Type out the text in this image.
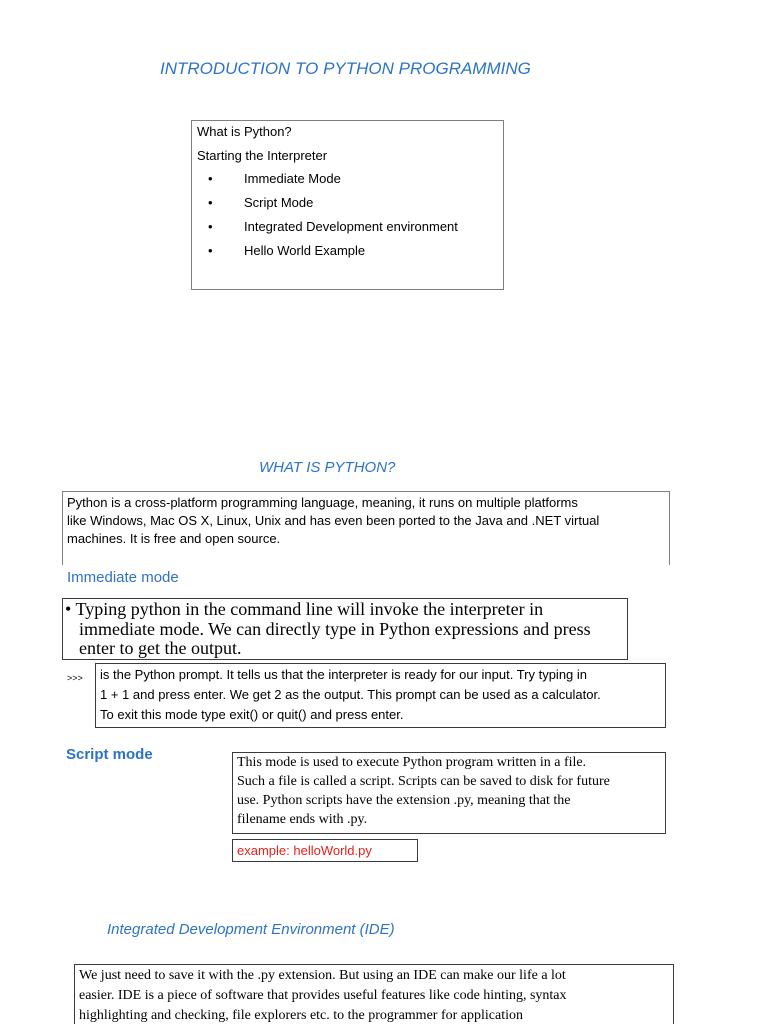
INTRODUCTION TO PYTHON PROGRAMMING
What is Python?
Starting the Interpreter
• Immediate Mode
• Script Mode
• Integrated Development environment
• Hello World Example
WHAT IS PYTHON?
Python is a cross-platform programming language, meaning, it runs on multiple platforms
like Windows, Mac OS X, Linux, Unix and has even been ported to the Java and .NET virtual
machines. It is free and open source.
Immediate mode
• Typing python in the command line will invoke the interpreter in
immediate mode. We can directly type in Python expressions and press
enter to get the output.
>>> is the Python prompt. It tells us that the interpreter is ready for our input. Try typing in
1 + 1 and press enter. We get 2 as the output. This prompt can be used as a calculator.
To exit this mode type exit() or quit() and press enter.
Script mode	This mode is used to execute Python program written in a file.
Such a file is called a script. Scripts can be saved to disk for future
use. Python scripts have the extension .py, meaning that the
filename ends with .py.
example: helloWorld.py
Integrated Development Environment (IDE)
We just need to save it with the .py extension. But using an IDE can make our life a lot
easier. IDE is a piece of software that provides useful features like code hinting, syntax
highlighting and checking, file explorers etc. to the programmer for application
